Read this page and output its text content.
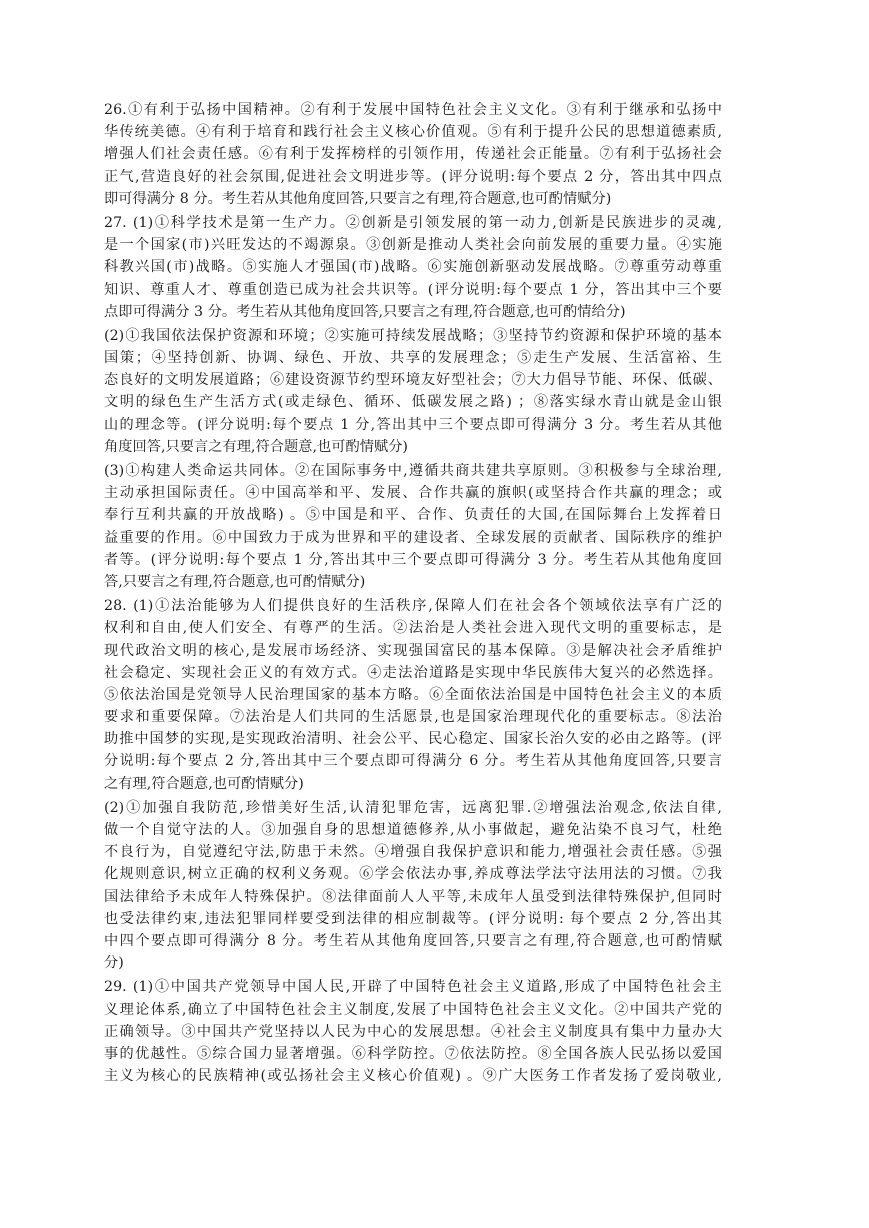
26.①有利于弘扬中国精神。②有利于发展中国特色社会主义文化。③有利于继承和弘扬中
华传统美德。④有利于培育和践行社会主义核心价值观。⑤有利于提升公民的思想道德素质,
增强人们社会责任感。⑥有利于发挥榜样的引领作用，传递社会正能量。⑦有利于弘扬社会
正气,营造良好的社会氛围,促进社会文明进步等。(评分说明:每个要点 2 分，答出其中四点
即可得满分 8 分。考生若从其他角度回答,只要言之有理,符合题意,也可酌情赋分)
27. (1)①科学技术是第一生产力。②创新是引领发展的第一动力,创新是民族进步的灵魂,
是一个国家(市)兴旺发达的不竭源泉。③创新是推动人类社会向前发展的重要力量。④实施
科教兴国(市)战略。⑤实施人才强国(市)战略。⑥实施创新驱动发展战略。⑦尊重劳动尊重
知识、尊重人才、尊重创造已成为社会共识等。(评分说明:每个要点 1 分，答出其中三个要
点即可得满分 3 分。考生若从其他角度回答,只要言之有理,符合题意,也可酌情给分)
(2)①我国依法保护资源和环境；②实施可持续发展战略；③坚持节约资源和保护环境的基本
国策；④坚持创新、协调、绿色、开放、共享的发展理念；⑤走生产发展、生活富裕、生
态良好的文明发展道路；⑥建设资源节约型环境友好型社会；⑦大力倡导节能、环保、低碳、
文明的绿色生产生活方式(或走绿色、循环、低碳发展之路) ；⑧落实绿水青山就是金山银
山的理念等。(评分说明:每个要点 1 分,答出其中三个要点即可得满分 3 分。考生若从其他
角度回答,只要言之有理,符合题意,也可酌情赋分)
(3)①构建人类命运共同体。②在国际事务中,遵循共商共建共享原则。③积极参与全球治理,
主动承担国际责任。④中国高举和平、发展、合作共赢的旗帜(或坚持合作共赢的理念；或
奉行互利共赢的开放战略) 。⑤中国是和平、合作、负责任的大国,在国际舞台上发挥着日
益重要的作用。⑥中国致力于成为世界和平的建设者、全球发展的贡献者、国际秩序的维护
者等。(评分说明:每个要点 1 分,答出其中三个要点即可得满分 3 分。考生若从其他角度回
答,只要言之有理,符合题意,也可酌情赋分)
28. (1)①法治能够为人们提供良好的生活秩序,保障人们在社会各个领域依法享有广泛的
权利和自由,使人们安全、有尊严的生活。②法治是人类社会进入现代文明的重要标志，是
现代政治文明的核心,是发展市场经济、实现强国富民的基本保障。③是解决社会矛盾维护
社会稳定、实现社会正义的有效方式。④走法治道路是实现中华民族伟大复兴的必然选择。
⑤依法治国是党领导人民治理国家的基本方略。⑥全面依法治国是中国特色社会主义的本质
要求和重要保障。⑦法治是人们共同的生活愿景,也是国家治理现代化的重要标志。⑧法治
助推中国梦的实现,是实现政治清明、社会公平、民心稳定、国家长治久安的必由之路等。(评
分说明:每个要点 2 分,答出其中三个要点即可得满分 6 分。考生若从其他角度回答,只要言
之有理,符合题意,也可酌情赋分)
(2)①加强自我防范,珍惜美好生活,认清犯罪危害，远离犯罪.②增强法治观念,依法自律,
做一个自觉守法的人。③加强自身的思想道德修养,从小事做起，避免沾染不良习气，杜绝
不良行为，自觉遵纪守法,防患于未然。④增强自我保护意识和能力,增强社会责任感。⑤强
化规则意识,树立正确的权利义务观。⑥学会依法办事,养成尊法学法守法用法的习惯。⑦我
国法律给予未成年人特殊保护。⑧法律面前人人平等,未成年人虽受到法律特殊保护,但同时
也受法律约束,违法犯罪同样要受到法律的相应制裁等。(评分说明: 每个要点 2 分,答出其
中四个要点即可得满分 8 分。考生若从其他角度回答,只要言之有理,符合题意,也可酌情赋
分)
29. (1)①中国共产党领导中国人民,开辟了中国特色社会主义道路,形成了中国特色社会主
义理论体系,确立了中国特色社会主义制度,发展了中国特色社会主义文化。②中国共产党的
正确领导。③中国共产党坚持以人民为中心的发展思想。④社会主义制度具有集中力量办大
事的优越性。⑤综合国力显著增强。⑥科学防控。⑦依法防控。⑧全国各族人民弘扬以爱国
主义为核心的民族精神(或弘扬社会主义核心价值观) 。⑨广大医务工作者发扬了爱岗敬业,
